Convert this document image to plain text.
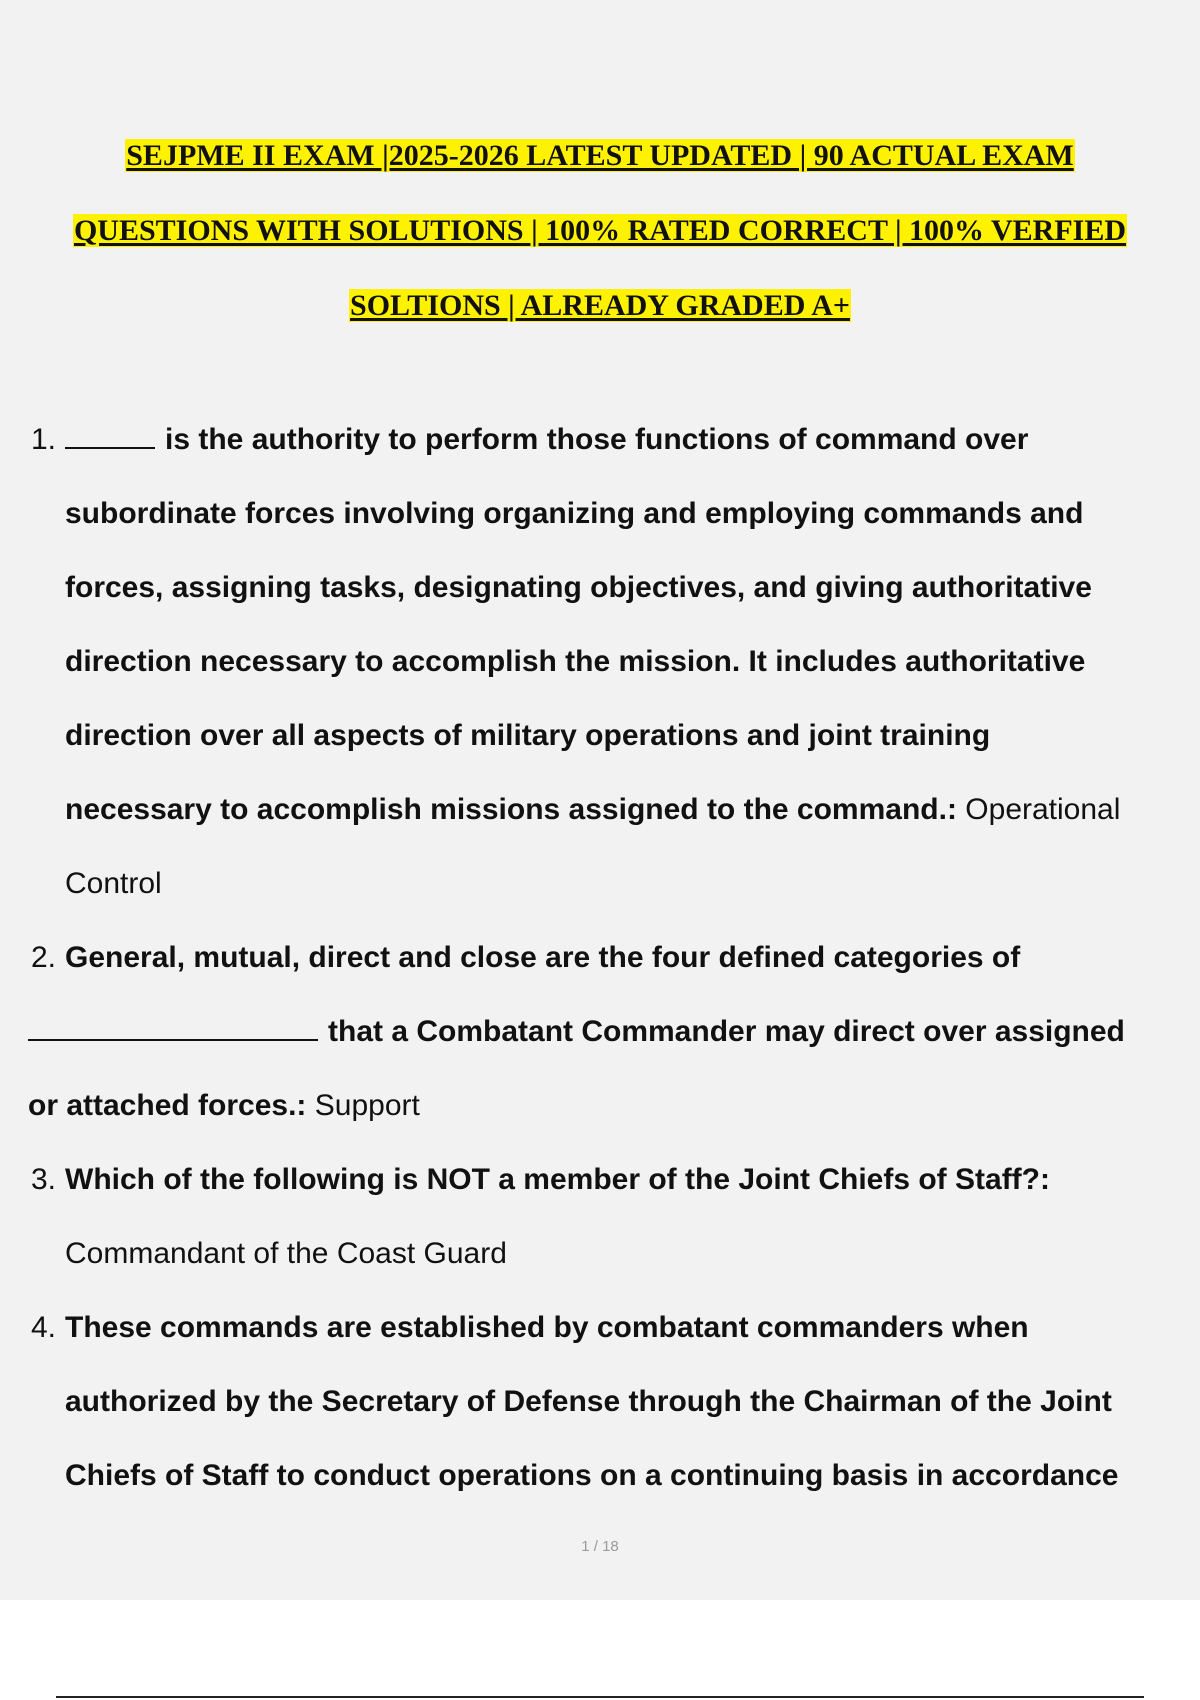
SEJPME II EXAM |2025-2026 LATEST UPDATED | 90 ACTUAL EXAM
QUESTIONS WITH SOLUTIONS | 100% RATED CORRECT | 100% VERFIED
SOLTIONS | ALREADY GRADED A+
1.	is the authority to perform those functions of command over
subordinate forces involving organizing and employing commands and
forces, assigning tasks, designating objectives, and giving authoritative
direction necessary to accomplish the mission. It includes authoritative
direction over all aspects of military operations and joint training
necessary to accomplish missions assigned to the command.: Operational
Control
2. General, mutual, direct and close are the four defined categories of
that a Combatant Commander may direct over assigned
or attached forces.: Support
3. Which of the following is NOT a member of the Joint Chiefs of Staff?:
Commandant of the Coast Guard
4. These commands are established by combatant commanders when
authorized by the Secretary of Defense through the Chairman of the Joint
Chiefs of Staff to conduct operations on a continuing basis in accordance
1 / 18
